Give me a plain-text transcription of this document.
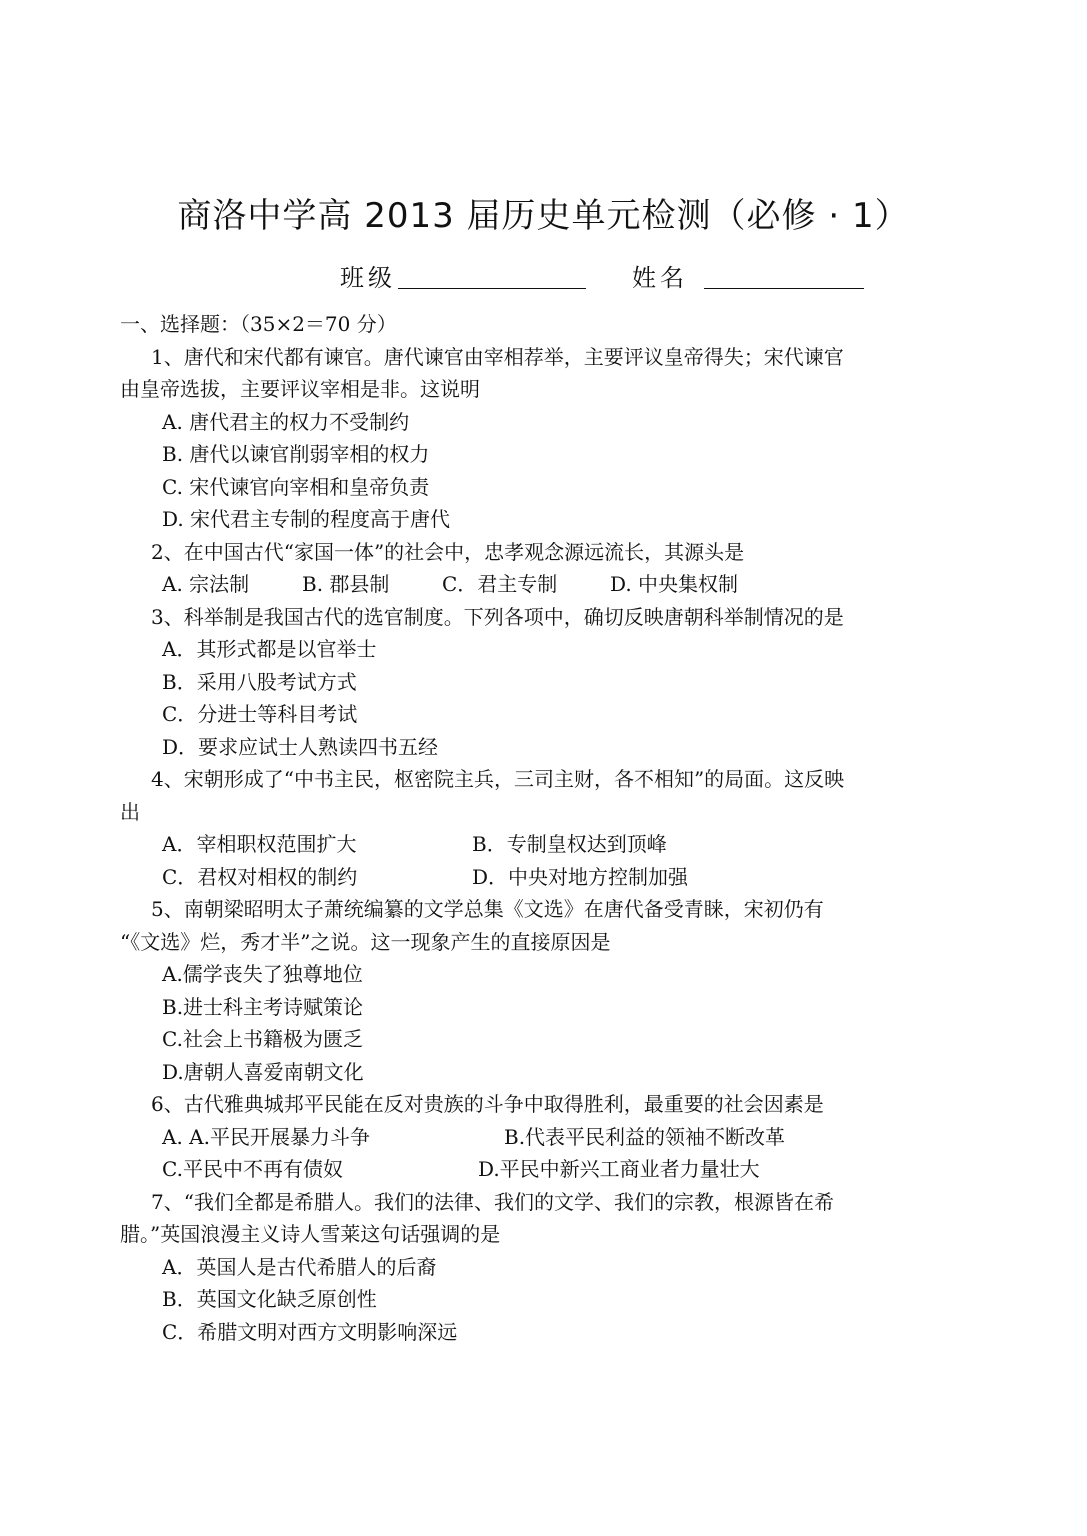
商洛中学高 2013 届历史单元检测（必修 · 1）
班级	姓名
一、选择题：（35×2＝70 分）
1、唐代和宋代都有谏官。唐代谏官由宰相荐举，主要评议皇帝得失；宋代谏官
由皇帝选拔，主要评议宰相是非。这说明
A. 唐代君主的权力不受制约
B. 唐代以谏官削弱宰相的权力
C. 宋代谏官向宰相和皇帝负责
D. 宋代君主专制的程度高于唐代
2、在中国古代“家国一体”的社会中，忠孝观念源远流长，其源头是
A. 宗法制	B. 郡县制	C．君主专制	D. 中央集权制
3、科举制是我国古代的选官制度。下列各项中，确切反映唐朝科举制情况的是
A．其形式都是以官举士
B．采用八股考试方式
C．分进士等科目考试
D．要求应试士人熟读四书五经
4、宋朝形成了“中书主民，枢密院主兵，三司主财，各不相知”的局面。这反映
出
A．宰相职权范围扩大	B．专制皇权达到顶峰
C．君权对相权的制约	D．中央对地方控制加强
5、南朝梁昭明太子萧统编纂的文学总集《文选》在唐代备受青睐，宋初仍有
“《文选》烂，秀才半”之说。这一现象产生的直接原因是
A.儒学丧失了独尊地位
B.进士科主考诗赋策论
C.社会上书籍极为匮乏
D.唐朝人喜爱南朝文化
6、古代雅典城邦平民能在反对贵族的斗争中取得胜利，最重要的社会因素是
A. A.平民开展暴力斗争	B.代表平民利益的领袖不断改革
C.平民中不再有债奴	D.平民中新兴工商业者力量壮大
7、“我们全都是希腊人。我们的法律、我们的文学、我们的宗教，根源皆在希
腊。”英国浪漫主义诗人雪莱这句话强调的是
A．英国人是古代希腊人的后裔
B．英国文化缺乏原创性
C．希腊文明对西方文明影响深远
